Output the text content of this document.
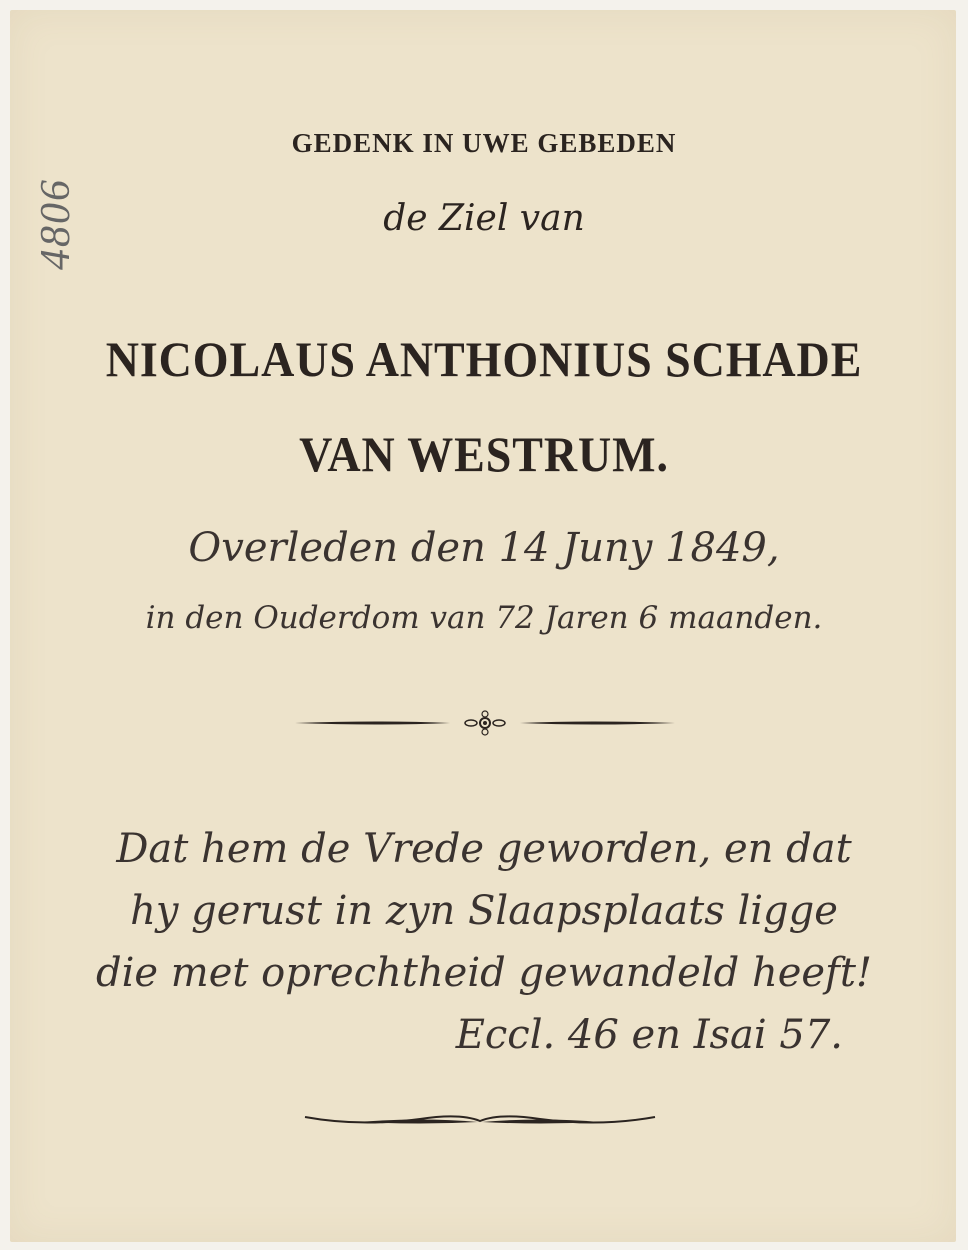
4806
GEDENK IN UWE GEBEDEN
de Ziel van
NICOLAUS ANTHONIUS SCHADE
VAN WESTRUM.
Overleden den 14 Juny 1849,
in den Ouderdom van 72 Jaren 6 maanden.
Dat hem de Vrede geworden, en dat
hy gerust in zyn Slaapsplaats ligge
die met oprechtheid gewandeld heeft!
Eccl. 46 en Isai 57.
